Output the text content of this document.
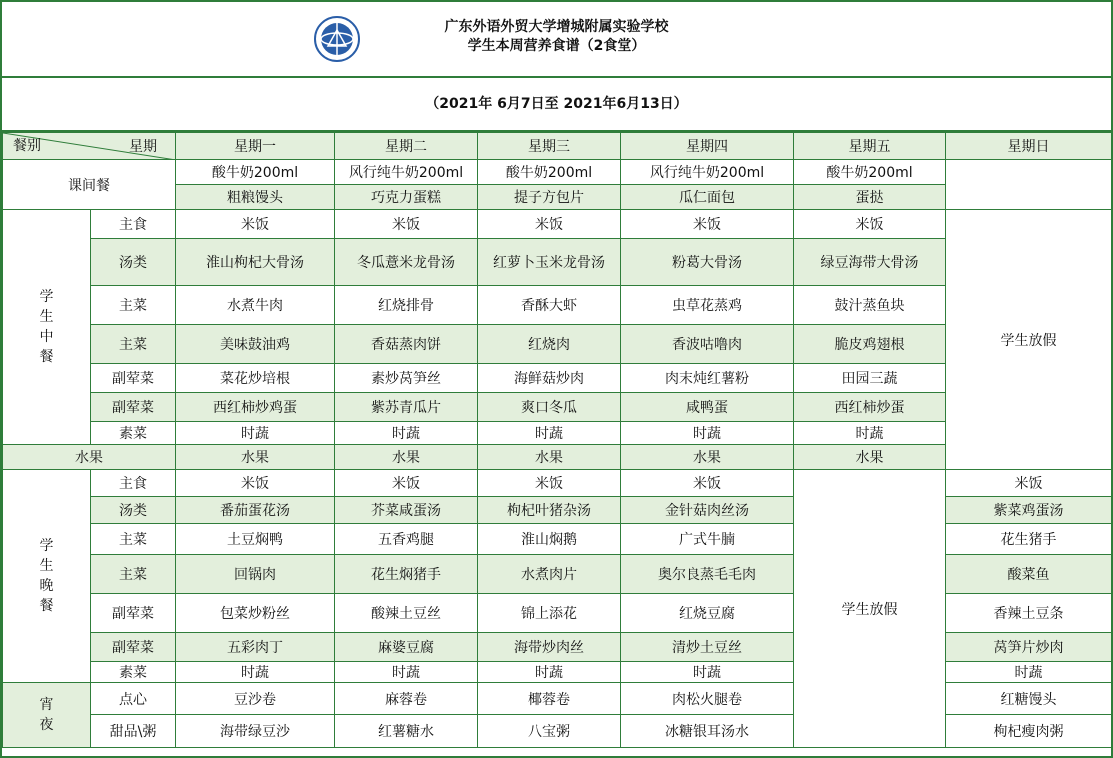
广东外语外贸大学增城附属实验学校
学生本周营养食谱（2食堂）
（2021年 6月7日至 2021年6月13日）
餐别 星期		星期一	星期二	星期三	星期四	星期五	星期日
课间餐		酸牛奶200ml	风行纯牛奶200ml	酸牛奶200ml	风行纯牛奶200ml	酸牛奶200ml	
		粗粮馒头	巧克力蛋糕	提子方包片	瓜仁面包	蛋挞	
学
生
中
餐	主食	米饭	米饭	米饭	米饭	米饭	学生放假
	汤类	淮山枸杞大骨汤	冬瓜薏米龙骨汤	红萝卜玉米龙骨汤	粉葛大骨汤	绿豆海带大骨汤	
	主菜	水煮牛肉	红烧排骨	香酥大虾	虫草花蒸鸡	鼓汁蒸鱼块	
	主菜	美味鼓油鸡	香菇蒸肉饼	红烧肉	香波咕噜肉	脆皮鸡翅根	
	副荤菜	菜花炒培根	素炒莴笋丝	海鲜菇炒肉	肉末炖红薯粉	田园三蔬	
	副荤菜	西红柿炒鸡蛋	紫苏青瓜片	爽口冬瓜	咸鸭蛋	西红柿炒蛋	
	素菜	时蔬	时蔬	时蔬	时蔬	时蔬	
水果		水果	水果	水果	水果	水果	
学
生
晚
餐	主食	米饭	米饭	米饭	米饭	学生放假	米饭
	汤类	番茄蛋花汤	芥菜咸蛋汤	枸杞叶猪杂汤	金针菇肉丝汤		紫菜鸡蛋汤
	主菜	土豆焖鸭	五香鸡腿	淮山焖鹅	广式牛腩		花生猪手
	主菜	回锅肉	花生焖猪手	水煮肉片	奥尔良蒸毛毛肉		酸菜鱼
	副荤菜	包菜炒粉丝	酸辣土豆丝	锦上添花	红烧豆腐		香辣土豆条
	副荤菜	五彩肉丁	麻婆豆腐	海带炒肉丝	清炒土豆丝		莴笋片炒肉
	素菜	时蔬	时蔬	时蔬	时蔬		时蔬
宵
夜	点心	豆沙卷	麻蓉卷	椰蓉卷	肉松火腿卷		红糖馒头
	甜品\粥	海带绿豆沙	红薯糖水	八宝粥	冰糖银耳汤水		枸杞瘦肉粥
